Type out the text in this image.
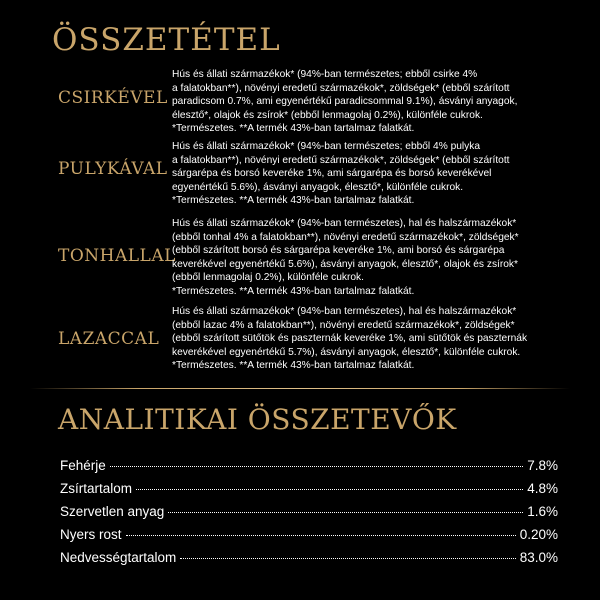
ÖSSZETÉTEL
CSIRKÉVEL
Hús és állati származékok* (94%-ban természetes; ebből csirke 4%
a falatokban**), növényi eredetű származékok*, zöldségek* (ebből szárított
paradicsom 0.7%, ami egyenértékű paradicsommal 9.1%), ásványi anyagok,
élesztő*, olajok és zsírok* (ebből lenmagolaj 0.2%), különféle cukrok.
*Természetes. **A termék 43%-ban tartalmaz falatkát.
PULYKÁVAL
Hús és állati származékok* (94%-ban természetes; ebből 4% pulyka
a falatokban**), növényi eredetű származékok*, zöldségek* (ebből szárított
sárgarépa és borsó keveréke 1%, ami sárgarépa és borsó keverékével
egyenértékű 5.6%), ásványi anyagok, élesztő*, különféle cukrok.
*Természetes. **A termék 43%-ban tartalmaz falatkát.
TONHALLAL
Hús és állati származékok* (94%-ban természetes), hal és halszármazékok*
(ebből tonhal 4% a falatokban**), növényi eredetű származékok*, zöldségek*
(ebből szárított borsó és sárgarépa keveréke 1%, ami borsó és sárgarépa
keverékével egyenértékű 5.6%), ásványi anyagok, élesztő*, olajok és zsírok*
(ebből lenmagolaj 0.2%), különféle cukrok.
*Természetes. **A termék 43%-ban tartalmaz falatkát.
LAZACCAL
Hús és állati származékok* (94%-ban természetes), hal és halszármazékok*
(ebből lazac 4% a falatokban**), növényi eredetű származékok*, zöldségek*
(ebből szárított sütőtök és paszternák keveréke 1%, ami sütőtök és paszternák
keverékével egyenértékű 5.7%), ásványi anyagok, élesztő*, különféle cukrok.
*Természetes. **A termék 43%-ban tartalmaz falatkát.
ANALITIKAI ÖSSZETEVŐK
Fehérje	7.8%
Zsírtartalom	4.8%
Szervetlen anyag	1.6%
Nyers rost	0.20%
Nedvességtartalom	83.0%
